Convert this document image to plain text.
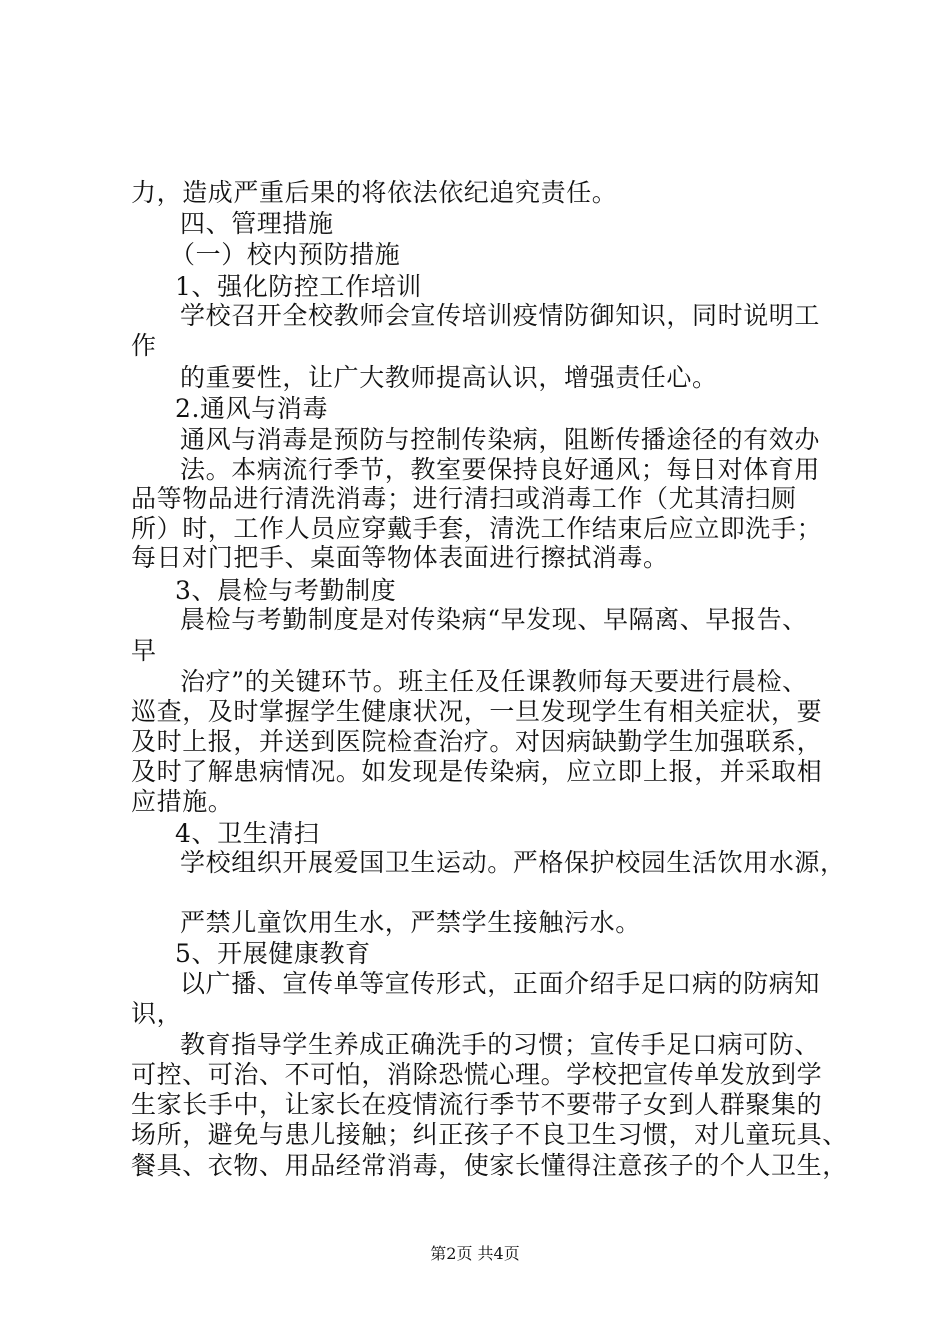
力，造成严重后果的将依法依纪追究责任。
四、管理措施
（一）校内预防措施
1、强化防控工作培训
学校召开全校教师会宣传培训疫情防御知识，同时说明工
作
的重要性，让广大教师提高认识，增强责任心。
2.通风与消毒
通风与消毒是预防与控制传染病，阻断传播途径的有效办
法。本病流行季节，教室要保持良好通风；每日对体育用
品等物品进行清洗消毒；进行清扫或消毒工作（尤其清扫厕
所）时，工作人员应穿戴手套，清洗工作结束后应立即洗手；
每日对门把手、桌面等物体表面进行擦拭消毒。
3、晨检与考勤制度
晨检与考勤制度是对传染病“早发现、早隔离、早报告、
早
治疗”的关键环节。班主任及任课教师每天要进行晨检、
巡查，及时掌握学生健康状况，一旦发现学生有相关症状，要
及时上报，并送到医院检查治疗。对因病缺勤学生加强联系，
及时了解患病情况。如发现是传染病，应立即上报，并采取相
应措施。
4、卫生清扫
学校组织开展爱国卫生运动。严格保护校园生活饮用水源，
严禁儿童饮用生水，严禁学生接触污水。
5、开展健康教育
以广播、宣传单等宣传形式，正面介绍手足口病的防病知
识，
教育指导学生养成正确洗手的习惯；宣传手足口病可防、
可控、可治、不可怕，消除恐慌心理。学校把宣传单发放到学
生家长手中，让家长在疫情流行季节不要带子女到人群聚集的
场所，避免与患儿接触；纠正孩子不良卫生习惯，对儿童玩具、
餐具、衣物、用品经常消毒，使家长懂得注意孩子的个人卫生，
第2页 共4页
